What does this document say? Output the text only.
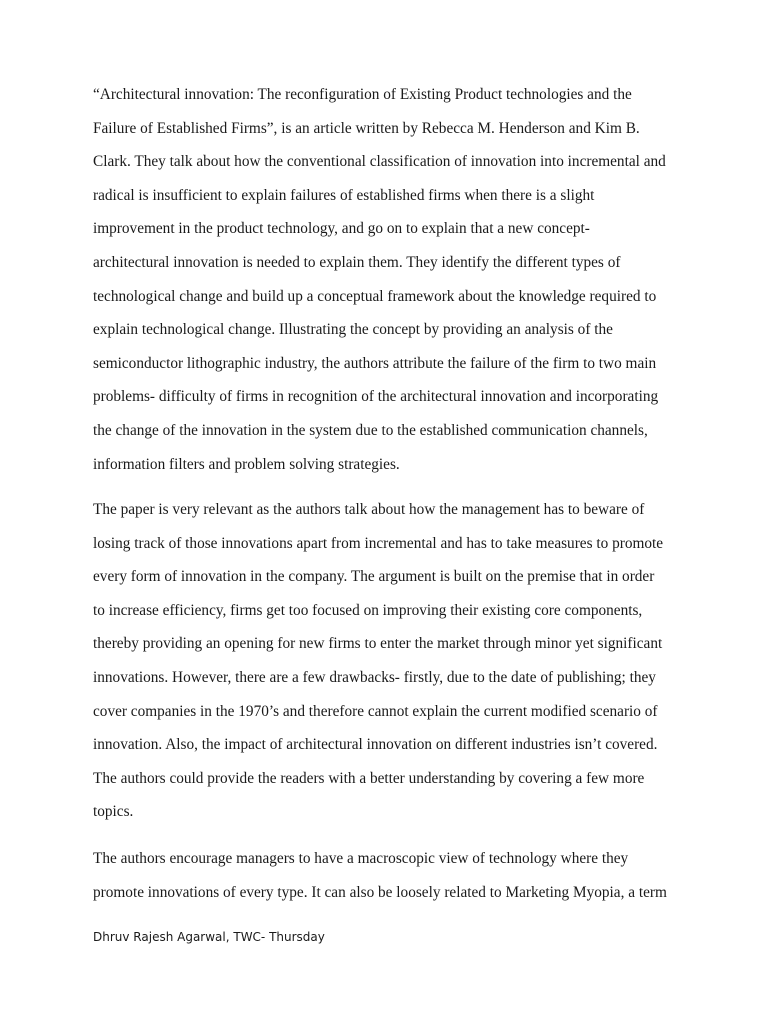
“Architectural innovation: The reconfiguration of Existing Product technologies and the
Failure of Established Firms”, is an article written by Rebecca M. Henderson and Kim B.
Clark. They talk about how the conventional classification of innovation into incremental and
radical is insufficient to explain failures of established firms when there is a slight
improvement in the product technology, and go on to explain that a new concept-
architectural innovation is needed to explain them. They identify the different types of
technological change and build up a conceptual framework about the knowledge required to
explain technological change. Illustrating the concept by providing an analysis of the
semiconductor lithographic industry, the authors attribute the failure of the firm to two main
problems- difficulty of firms in recognition of the architectural innovation and incorporating
the change of the innovation in the system due to the established communication channels,
information filters and problem solving strategies.
The paper is very relevant as the authors talk about how the management has to beware of
losing track of those innovations apart from incremental and has to take measures to promote
every form of innovation in the company. The argument is built on the premise that in order
to increase efficiency, firms get too focused on improving their existing core components,
thereby providing an opening for new firms to enter the market through minor yet significant
innovations. However, there are a few drawbacks- firstly, due to the date of publishing; they
cover companies in the 1970’s and therefore cannot explain the current modified scenario of
innovation. Also, the impact of architectural innovation on different industries isn’t covered.
The authors could provide the readers with a better understanding by covering a few more
topics.
The authors encourage managers to have a macroscopic view of technology where they
promote innovations of every type. It can also be loosely related to Marketing Myopia, a term
Dhruv Rajesh Agarwal, TWC- Thursday
